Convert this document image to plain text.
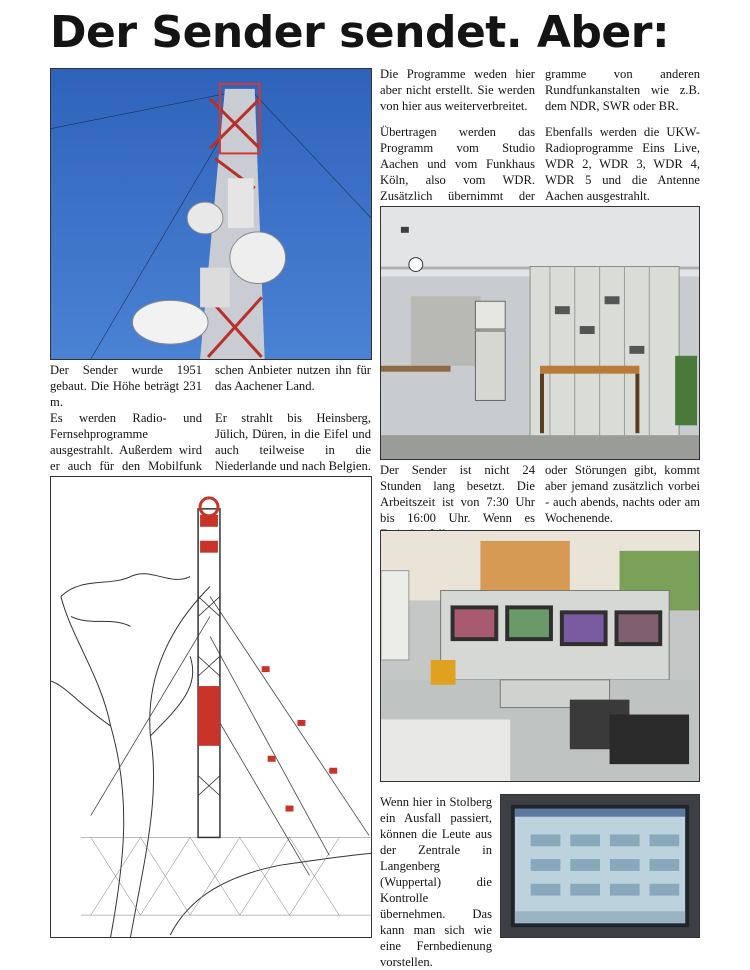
Der Sender sendet. Aber:
Der Sender wurde 1951 gebaut. Die Höhe beträgt 231 m.
schen Anbieter nutzen ihn für das Aachener Land.
Es werden Radio- und Fernsehprogramme ausgestrahlt. Außerdem wird er auch für den Mobilfunk
Er strahlt bis Heinsberg, Jülich, Düren, in die Eifel und auch teilweise in die Niederlande und nach Belgien.
Die Programme weden hier aber nicht erstellt. Sie werden von hier aus weiterverbreitet.
gramme von anderen Rundfunkanstalten wie z.B. dem NDR, SWR oder BR.
Übertragen werden das Programm vom Studio Aachen und vom Funkhaus Köln, also vom WDR. Zusätzlich übernimmt der
Ebenfalls werden die UKW-Radioprogramme Eins Live, WDR 2, WDR 3, WDR 4, WDR 5 und die Antenne Aachen ausgestrahlt.
Der Sender ist nicht 24 Stunden lang besetzt. Die Arbeitszeit ist von 7:30 Uhr bis 16:00 Uhr. Wenn es
oder Störungen gibt, kommt aber jemand zusätzlich vorbei - auch abends, nachts oder am Wochenende.
Wenn hier in Stolberg ein Ausfall passiert, können die Leute aus der Zentrale in Langenberg (Wuppertal) die Kontrolle übernehmen. Das kann man sich wie eine Fernbedienung vorstellen.
